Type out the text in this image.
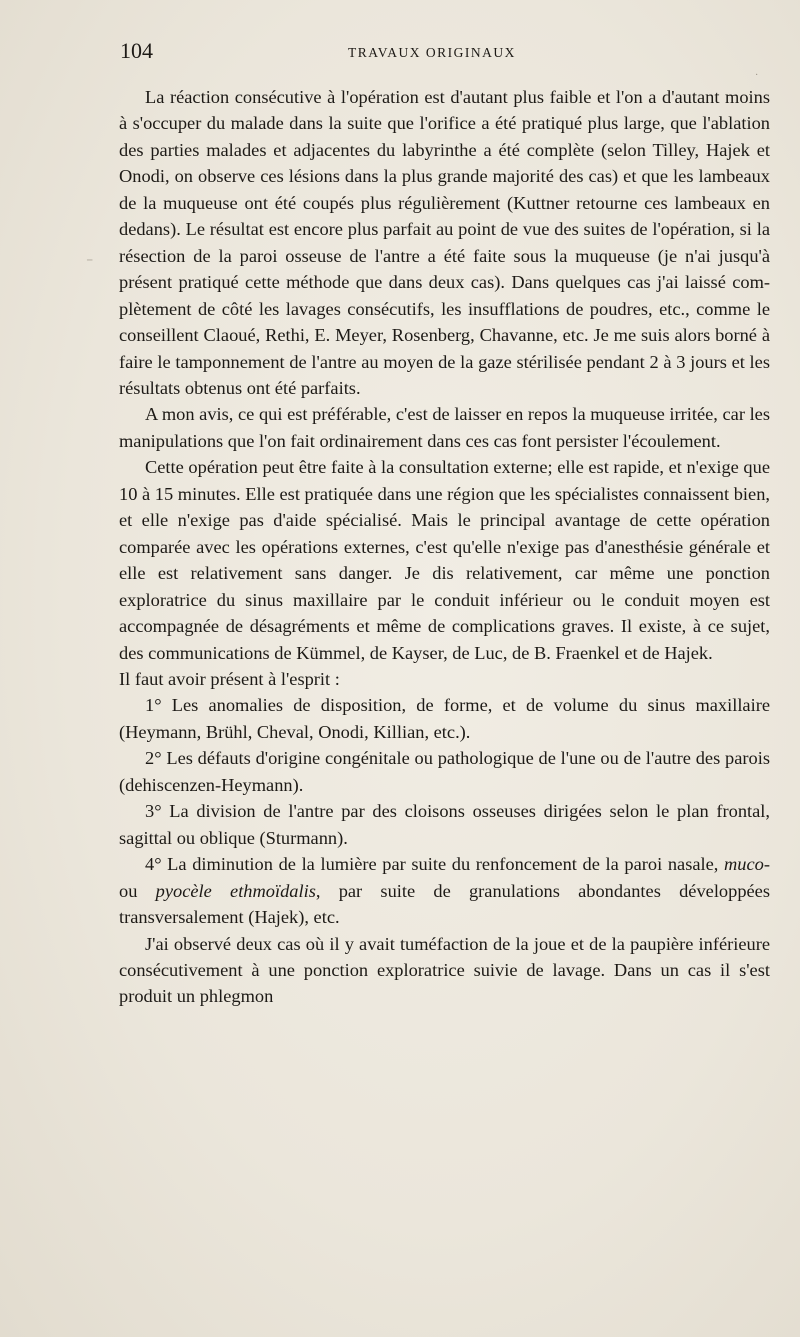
104	TRAVAUX ORIGINAUX
⁻
·

La réaction consécutive à l'opération est d'autant plus faible et l'on a d'autant moins à s'occuper du malade dans la suite que l'orifice a été pratiqué plus large, que l'ablation des parties malades et adjacentes du labyrinthe a été complète (selon Tilley, Hajek et Onodi, on observe ces lésions dans la plus grande majorité des cas) et que les lambeaux de la muqueuse ont été coupés plus régulièrement (Kuttner retourne ces lambeaux en dedans). Le résultat est encore plus parfait au point de vue des suites de l'opération, si la résection de la paroi osseuse de l'antre a été faite sous la muqueuse (je n'ai jusqu'à présent pratiqué cette méthode que dans deux cas). Dans quelques cas j'ai laissé complètement de côté les lavages consécutifs, les insufflations de poudres, etc., comme le conseillent Claoué, Rethi, E. Meyer, Rosenberg, Chavanne, etc. Je me suis alors borné à faire le tamponnement de l'antre au moyen de la gaze stérilisée pendant 2 à 3 jours et les résultats obtenus ont été parfaits.

A mon avis, ce qui est préférable, c'est de laisser en repos la muqueuse irritée, car les manipulations que l'on fait ordinairement dans ces cas font persister l'écoulement.

Cette opération peut être faite à la consultation externe; elle est rapide, et n'exige que 10 à 15 minutes. Elle est pratiquée dans une région que les spécialistes connaissent bien, et elle n'exige pas d'aide spécialisé. Mais le principal avantage de cette opération comparée avec les opérations externes, c'est qu'elle n'exige pas d'anesthésie générale et elle est relativement sans danger. Je dis relativement, car même une ponction exploratrice du sinus maxillaire par le conduit inférieur ou le conduit moyen est accompagnée de désagréments et même de complications graves. Il existe, à ce sujet, des communications de Kümmel, de Kayser, de Luc, de B. Fraenkel et de Hajek.

Il faut avoir présent à l'esprit :

1° Les anomalies de disposition, de forme, et de volume du sinus maxillaire (Heymann, Brühl, Cheval, Onodi, Killian, etc.).

2° Les défauts d'origine congénitale ou pathologique de l'une ou de l'autre des parois (dehiscenzen-Heymann).

3° La division de l'antre par des cloisons osseuses dirigées selon le plan frontal, sagittal ou oblique (Sturmann).

4° La diminution de la lumière par suite du renfoncement de la paroi nasale, muco- ou pyocèle ethmoïdalis, par suite de granulations abondantes développées transversalement (Hajek), etc.

J'ai observé deux cas où il y avait tuméfaction de la joue et de la paupière inférieure consécutivement à une ponction exploratrice suivie de lavage. Dans un cas il s'est produit un phlegmon
